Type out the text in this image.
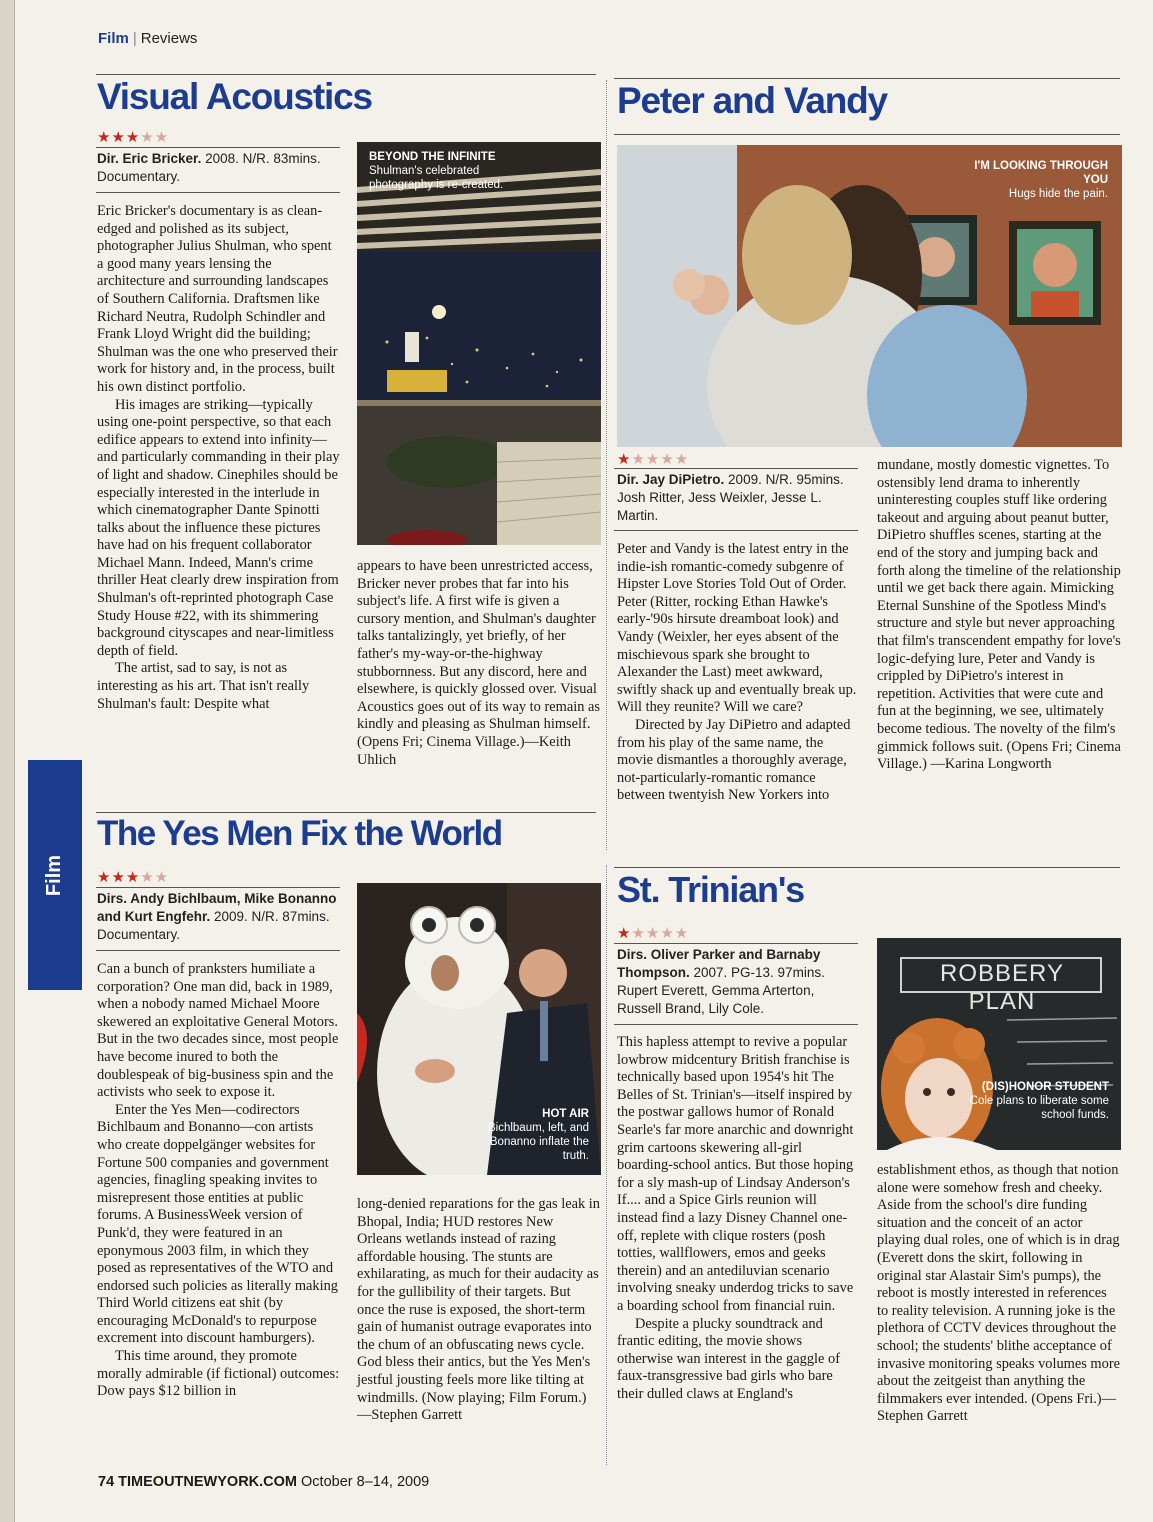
Film | Reviews
Film
Visual Acoustics
★★★★★
Dir. Eric Bricker. 2008. N/R. 83mins. Documentary.

Eric Bricker's documentary is as clean-edged and polished as its subject, photographer Julius Shulman, who spent a good many years lensing the architecture and surrounding landscapes of Southern California. Draftsmen like Richard Neutra, Rudolph Schindler and Frank Lloyd Wright did the building; Shulman was the one who preserved their work for history and, in the process, built his own distinct portfolio.

His images are striking—typically using one-point perspective, so that each edifice appears to extend into infinity—and particularly commanding in their play of light and shadow. Cinephiles should be especially interested in the interlude in which cinematographer Dante Spinotti talks about the influence these pictures have had on his frequent collaborator Michael Mann. Indeed, Mann's crime thriller Heat clearly drew inspiration from Shulman's oft-reprinted photograph Case Study House #22, with its shimmering background cityscapes and near-limitless depth of field.

The artist, sad to say, is not as interesting as his art. That isn't really Shulman's fault: Despite what

BEYOND THE INFINITE Shulman's celebrated photography is re-created.

appears to have been unrestricted access, Bricker never probes that far into his subject's life. A first wife is given a cursory mention, and Shulman's daughter talks tantalizingly, yet briefly, of her father's my-way-or-the-highway stubbornness. But any discord, here and elsewhere, is quickly glossed over. Visual Acoustics goes out of its way to remain as kindly and pleasing as Shulman himself. (Opens Fri; Cinema Village.)—Keith Uhlich

Peter and Vandy
I'M LOOKING THROUGH YOU
Hugs hide the pain.
★★★★★
Dir. Jay DiPietro. 2009. N/R. 95mins. Josh Ritter, Jess Weixler, Jesse L. Martin.

Peter and Vandy is the latest entry in the indie-ish romantic-comedy subgenre of Hipster Love Stories Told Out of Order. Peter (Ritter, rocking Ethan Hawke's early-'90s hirsute dreamboat look) and Vandy (Weixler, her eyes absent of the mischievous spark she brought to Alexander the Last) meet awkward, swiftly shack up and eventually break up. Will they reunite? Will we care?

Directed by Jay DiPietro and adapted from his play of the same name, the movie dismantles a thoroughly average, not-particularly-romantic romance between twentyish New Yorkers into

mundane, mostly domestic vignettes. To ostensibly lend drama to inherently uninteresting couples stuff like ordering takeout and arguing about peanut butter, DiPietro shuffles scenes, starting at the end of the story and jumping back and forth along the timeline of the relationship until we get back there again. Mimicking Eternal Sunshine of the Spotless Mind's structure and style but never approaching that film's transcendent empathy for love's logic-defying lure, Peter and Vandy is crippled by DiPietro's interest in repetition. Activities that were cute and fun at the beginning, we see, ultimately become tedious. The novelty of the film's gimmick follows suit. (Opens Fri; Cinema Village.) —Karina Longworth

The Yes Men Fix the World
★★★★★
Dirs. Andy Bichlbaum, Mike Bonanno and Kurt Engfehr. 2009. N/R. 87mins. Documentary.

Can a bunch of pranksters humiliate a corporation? One man did, back in 1989, when a nobody named Michael Moore skewered an exploitative General Motors. But in the two decades since, most people have become inured to both the doublespeak of big-business spin and the activists who seek to expose it.

Enter the Yes Men—codirectors Bichlbaum and Bonanno—con artists who create doppelgänger websites for Fortune 500 companies and government agencies, finagling speaking invites to misrepresent those entities at public forums. A BusinessWeek version of Punk'd, they were featured in an eponymous 2003 film, in which they posed as representatives of the WTO and endorsed such policies as literally making Third World citizens eat shit (by encouraging McDonald's to repurpose excrement into discount hamburgers).

This time around, they promote morally admirable (if fictional) outcomes: Dow pays $12 billion in

HOT AIR
Bichlbaum, left, and Bonanno inflate the truth.

long-denied reparations for the gas leak in Bhopal, India; HUD restores New Orleans wetlands instead of razing affordable housing. The stunts are exhilarating, as much for their audacity as for the gullibility of their targets. But once the ruse is exposed, the short-term gain of humanist outrage evaporates into the chum of an obfuscating news cycle. God bless their antics, but the Yes Men's jestful jousting feels more like tilting at windmills. (Now playing; Film Forum.) —Stephen Garrett

St. Trinian's
★★★★★
Dirs. Oliver Parker and Barnaby Thompson. 2007. PG-13. 97mins. Rupert Everett, Gemma Arterton, Russell Brand, Lily Cole.

This hapless attempt to revive a popular lowbrow midcentury British franchise is technically based upon 1954's hit The Belles of St. Trinian's—itself inspired by the postwar gallows humor of Ronald Searle's far more anarchic and downright grim cartoons skewering all-girl boarding-school antics. But those hoping for a sly mash-up of Lindsay Anderson's If.... and a Spice Girls reunion will instead find a lazy Disney Channel one-off, replete with clique rosters (posh totties, wallflowers, emos and geeks therein) and an antediluvian scenario involving sneaky underdog tricks to save a boarding school from financial ruin.

Despite a plucky soundtrack and frantic editing, the movie shows otherwise wan interest in the gaggle of faux-transgressive bad girls who bare their dulled claws at England's

ROBBERY PLAN
(DIS)HONOR STUDENT
Cole plans to liberate some school funds.

establishment ethos, as though that notion alone were somehow fresh and cheeky. Aside from the school's dire funding situation and the conceit of an actor playing dual roles, one of which is in drag (Everett dons the skirt, following in original star Alastair Sim's pumps), the reboot is mostly interested in references to reality television. A running joke is the plethora of CCTV devices throughout the school; the students' blithe acceptance of invasive monitoring speaks volumes more about the zeitgeist than anything the filmmakers ever intended. (Opens Fri.)—Stephen Garrett

74 TIMEOUTNEWYORK.COM October 8–14, 2009
